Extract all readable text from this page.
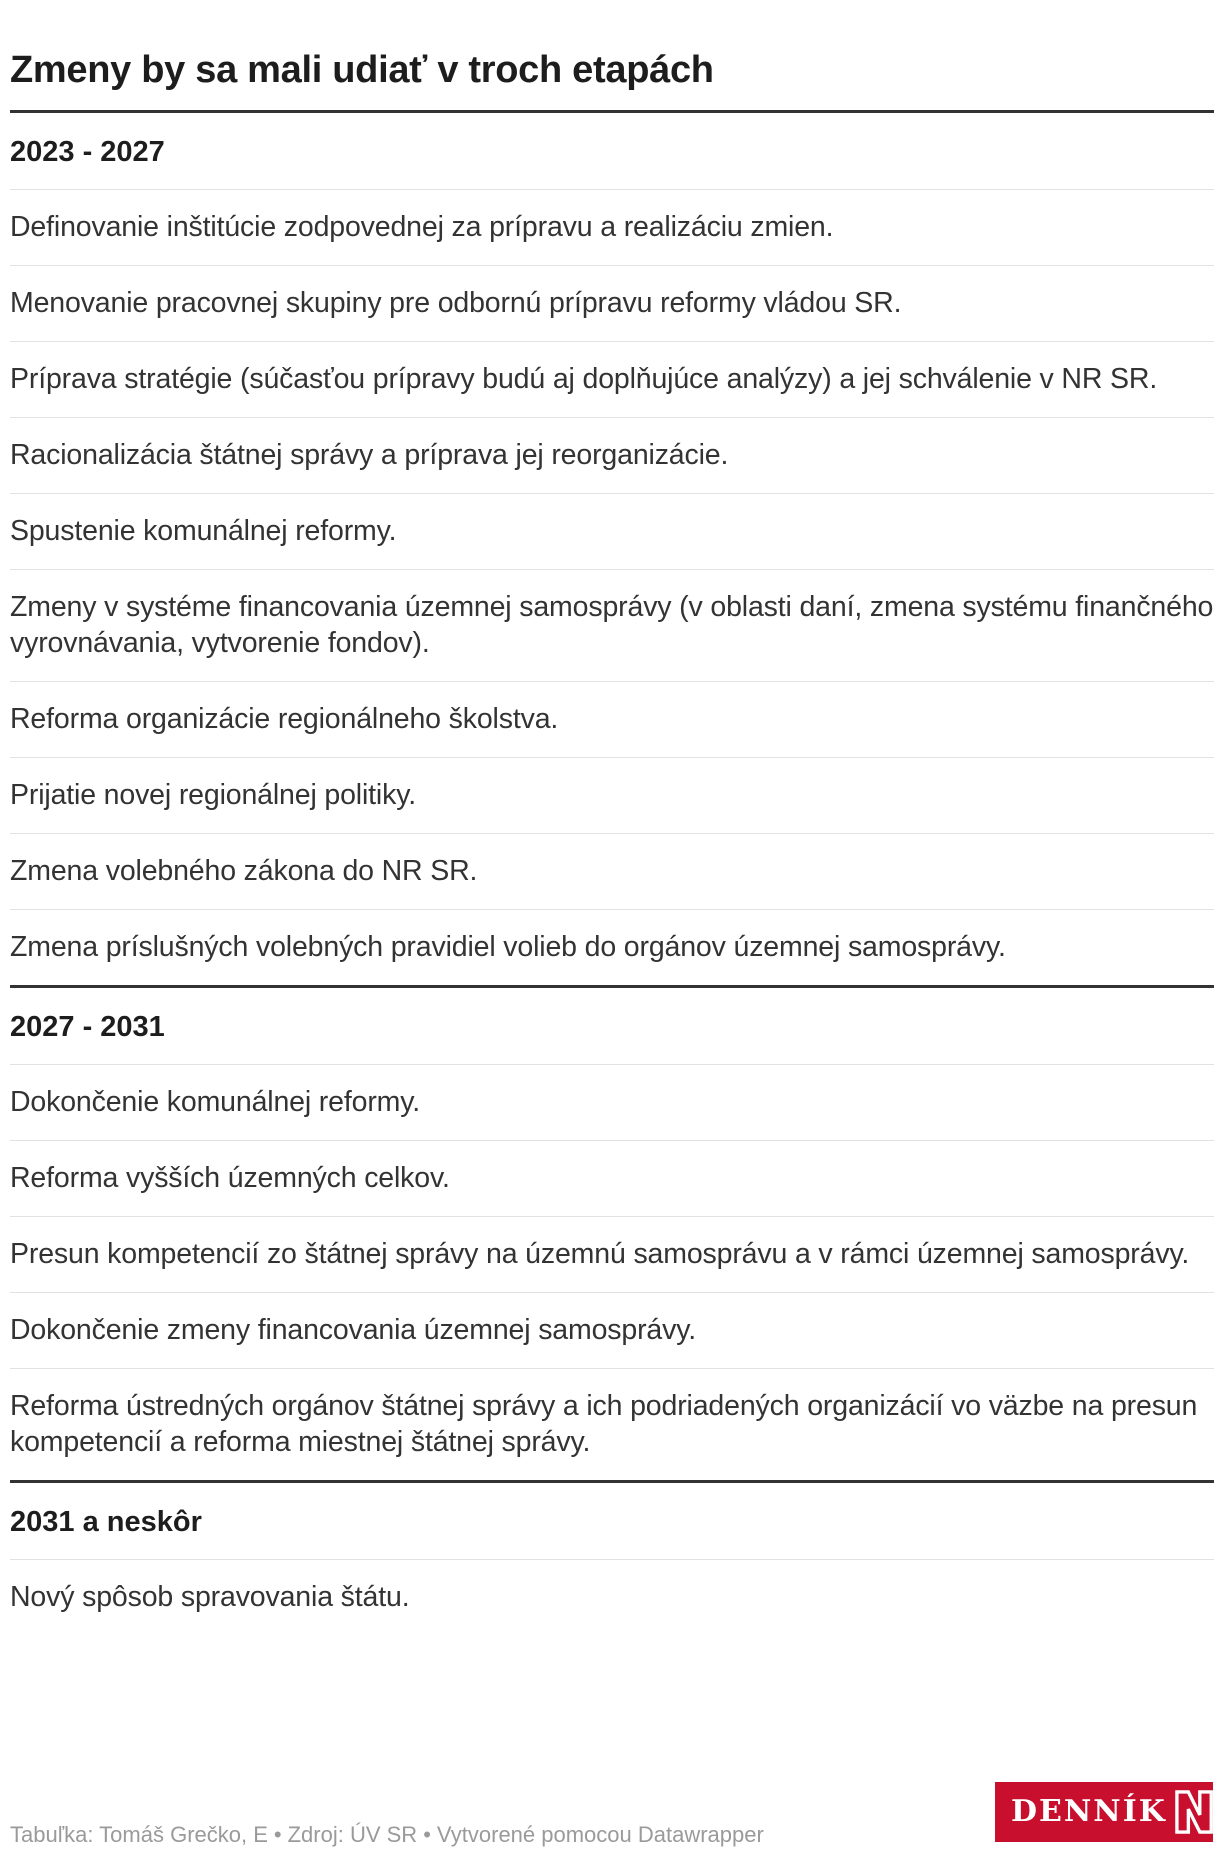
Zmeny by sa mali udiať v troch etapách
2023 - 2027
Definovanie inštitúcie zodpovednej za prípravu a realizáciu zmien.
Menovanie pracovnej skupiny pre odbornú prípravu reformy vládou SR.
Príprava stratégie (súčasťou prípravy budú aj doplňujúce analýzy) a jej schválenie v NR SR.
Racionalizácia štátnej správy a príprava jej reorganizácie.
Spustenie komunálnej reformy.
Zmeny v systéme financovania územnej samosprávy (v oblasti daní, zmena systému finančného vyrovnávania, vytvorenie fondov).
Reforma organizácie regionálneho školstva.
Prijatie novej regionálnej politiky.
Zmena volebného zákona do NR SR.
Zmena príslušných volebných pravidiel volieb do orgánov územnej samosprávy.
2027 - 2031
Dokončenie komunálnej reformy.
Reforma vyšších územných celkov.
Presun kompetencií zo štátnej správy na územnú samosprávu a v rámci územnej samosprávy.
Dokončenie zmeny financovania územnej samosprávy.
Reforma ústredných orgánov štátnej správy a ich podriadených organizácií vo väzbe na presun kompetencií a reforma miestnej štátnej správy.
2031 a neskôr
Nový spôsob spravovania štátu.
Tabuľka: Tomáš Grečko, E • Zdroj: ÚV SR • Vytvorené pomocou Datawrapper
DENNÍK
